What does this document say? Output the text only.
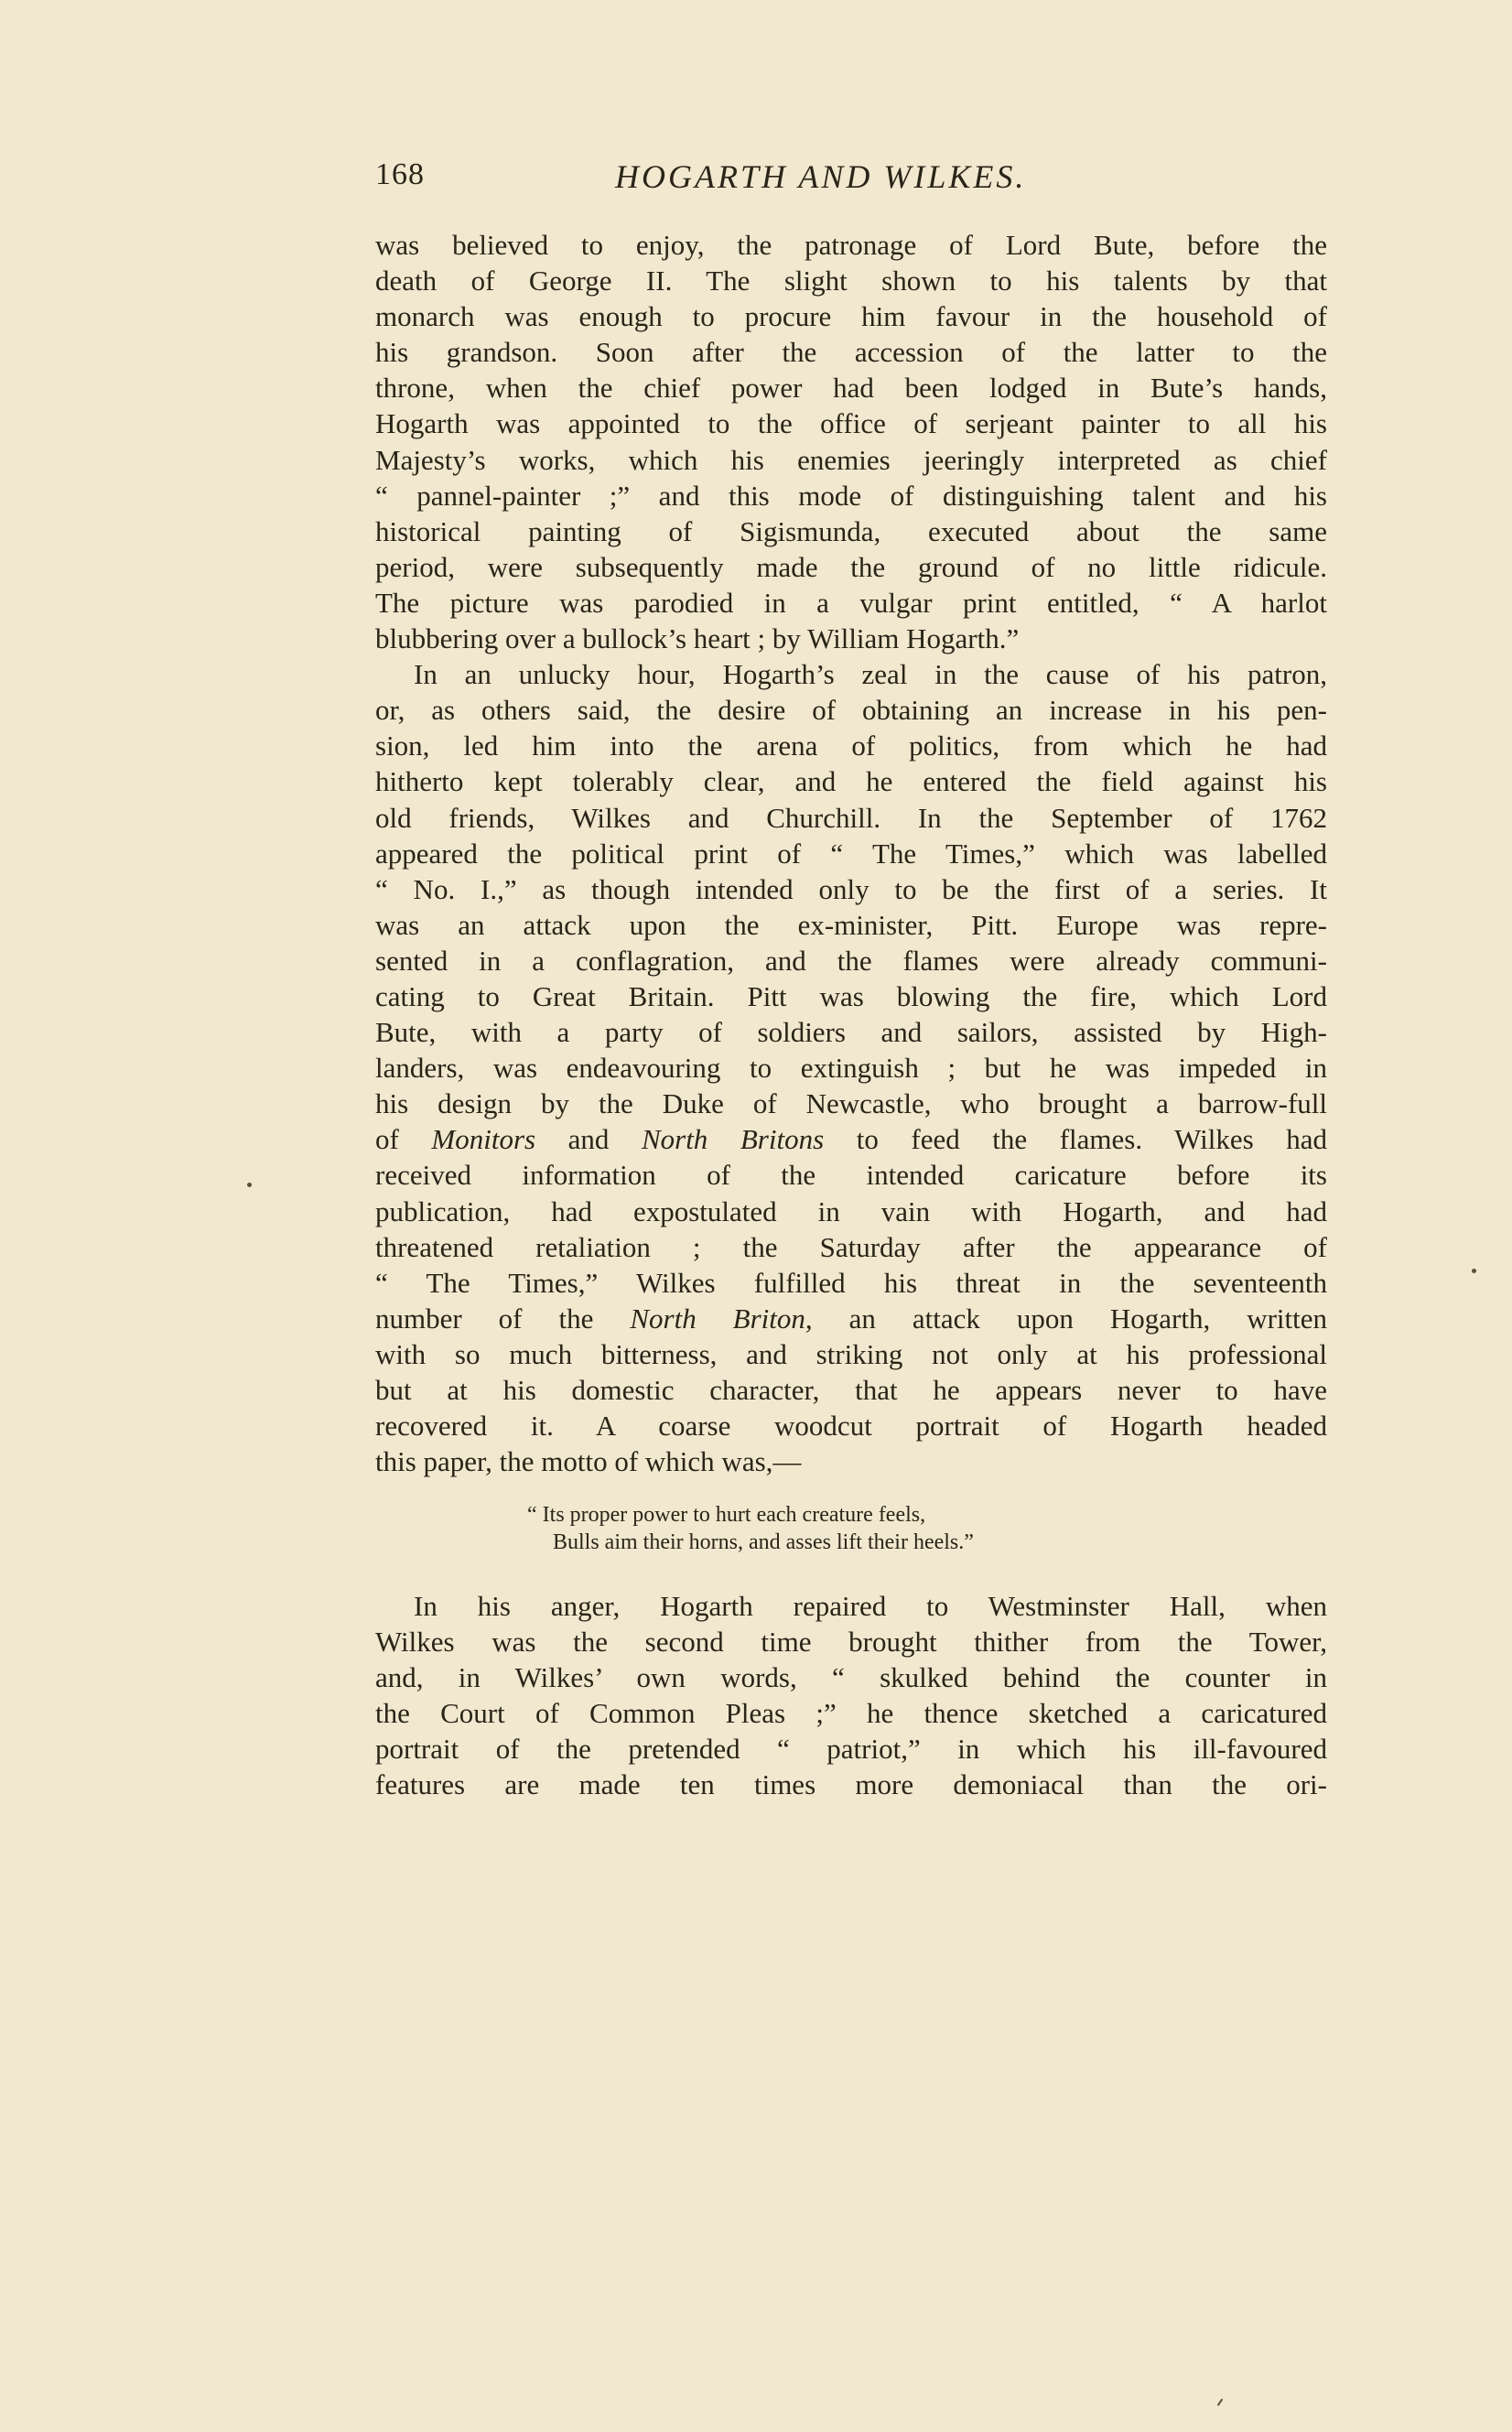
168	HOGARTH AND WILKES.
was believed to enjoy, the patronage of Lord Bute, before the
death of George II. The slight shown to his talents by that
monarch was enough to procure him favour in the household of
his grandson. Soon after the accession of the latter to the
throne, when the chief power had been lodged in Bute’s hands,
Hogarth was appointed to the office of serjeant painter to all his
Majesty’s works, which his enemies jeeringly interpreted as chief
“ pannel-painter ;” and this mode of distinguishing talent and his
historical painting of Sigismunda, executed about the same
period, were subsequently made the ground of no little ridicule.
The picture was parodied in a vulgar print entitled, “ A harlot
blubbering over a bullock’s heart ; by William Hogarth.”
In an unlucky hour, Hogarth’s zeal in the cause of his patron,
or, as others said, the desire of obtaining an increase in his pen-
sion, led him into the arena of politics, from which he had
hitherto kept tolerably clear, and he entered the field against his
old friends, Wilkes and Churchill. In the September of 1762
appeared the political print of “ The Times,” which was labelled
“ No. I.,” as though intended only to be the first of a series. It
was an attack upon the ex-minister, Pitt. Europe was repre-
sented in a conflagration, and the flames were already communi-
cating to Great Britain. Pitt was blowing the fire, which Lord
Bute, with a party of soldiers and sailors, assisted by High-
landers, was endeavouring to extinguish ; but he was impeded in
his design by the Duke of Newcastle, who brought a barrow-full
of Monitors and North Britons to feed the flames. Wilkes had
received information of the intended caricature before its
publication, had expostulated in vain with Hogarth, and had
threatened retaliation ; the Saturday after the appearance of
“ The Times,” Wilkes fulfilled his threat in the seventeenth
number of the North Briton, an attack upon Hogarth, written
with so much bitterness, and striking not only at his professional
but at his domestic character, that he appears never to have
recovered it. A coarse woodcut portrait of Hogarth headed
this paper, the motto of which was,—
“ Its proper power to hurt each creature feels,
Bulls aim their horns, and asses lift their heels.”
In his anger, Hogarth repaired to Westminster Hall, when
Wilkes was the second time brought thither from the Tower,
and, in Wilkes’ own words, “ skulked behind the counter in
the Court of Common Pleas ;” he thence sketched a caricatured
portrait of the pretended “ patriot,” in which his ill-favoured
features are made ten times more demoniacal than the ori-
